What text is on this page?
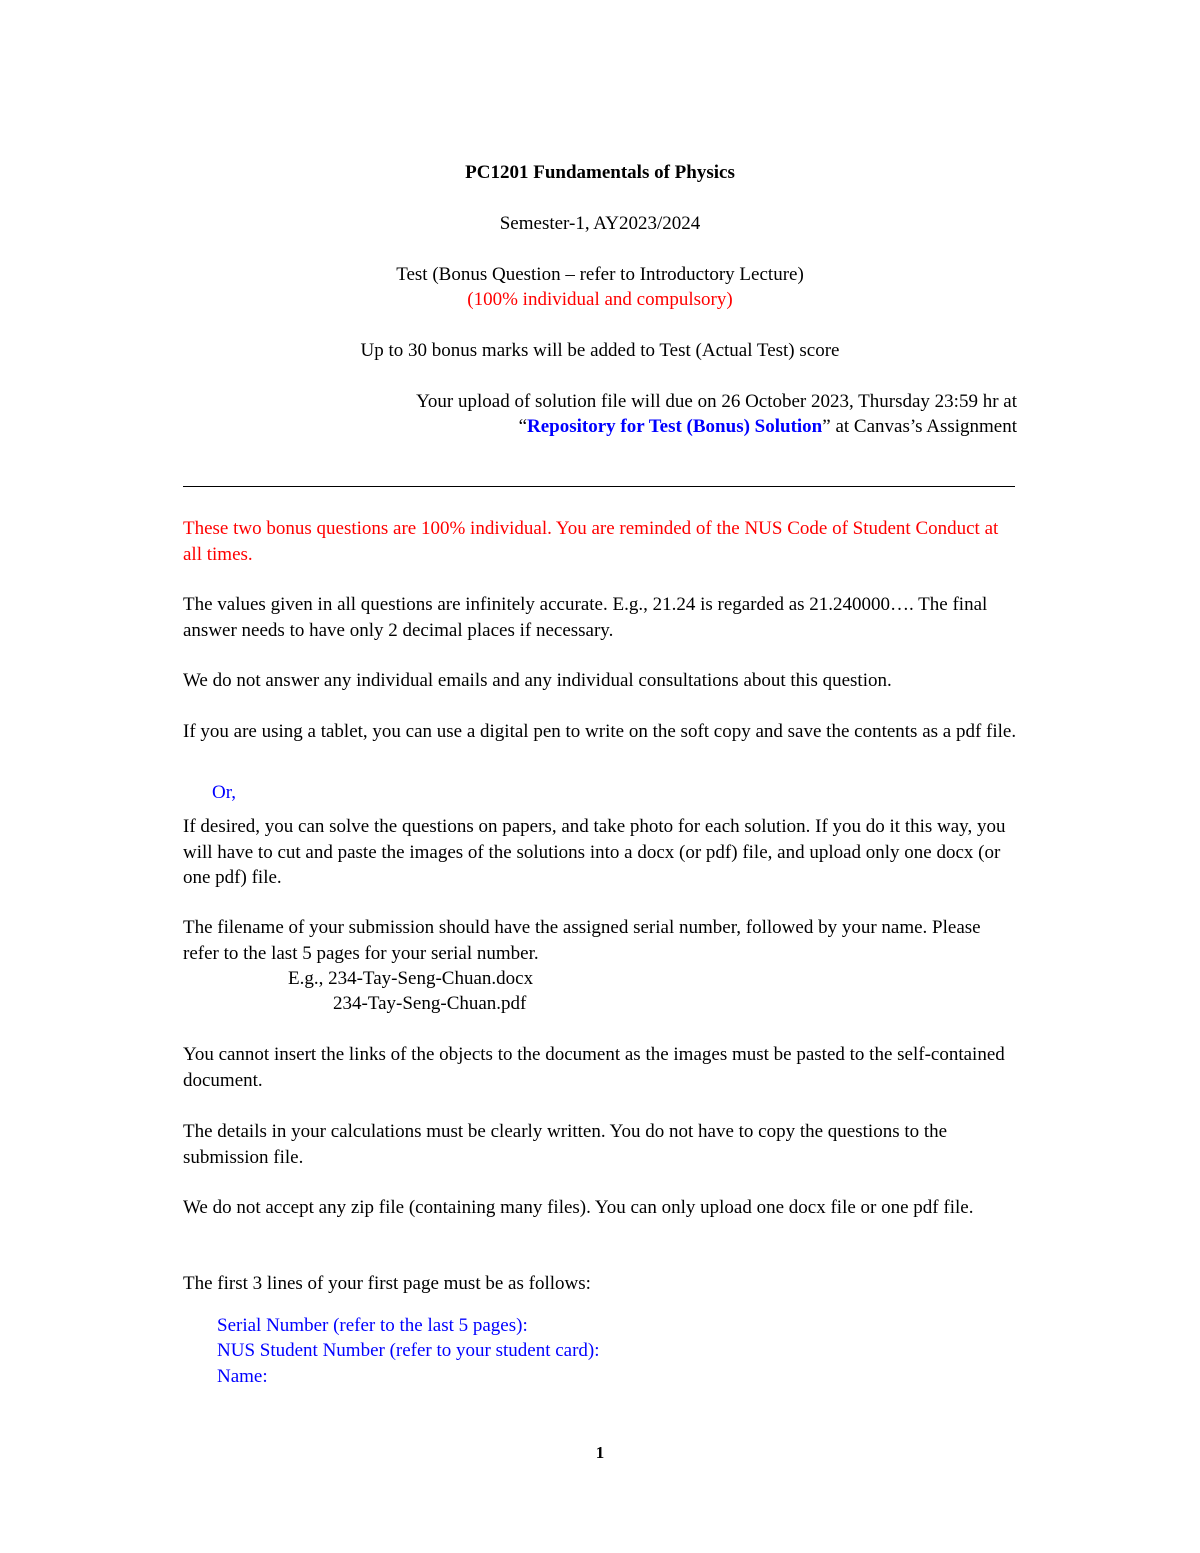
PC1201 Fundamentals of Physics
Semester-1, AY2023/2024
Test (Bonus Question – refer to Introductory Lecture)
(100% individual and compulsory)
Up to 30 bonus marks will be added to Test (Actual Test) score
Your upload of solution file will due on 26 October 2023, Thursday 23:59 hr at
“Repository for Test (Bonus) Solution” at Canvas’s Assignment

These two bonus questions are 100% individual. You are reminded of the NUS Code of Student Conduct at all times.

The values given in all questions are infinitely accurate. E.g., 21.24 is regarded as 21.240000…. The final answer needs to have only 2 decimal places if necessary.

We do not answer any individual emails and any individual consultations about this question.

If you are using a tablet, you can use a digital pen to write on the soft copy and save the contents as a pdf file.

Or,

If desired, you can solve the questions on papers, and take photo for each solution. If you do it this way, you will have to cut and paste the images of the solutions into a docx (or pdf) file, and upload only one docx (or one pdf) file.

The filename of your submission should have the assigned serial number, followed by your name. Please refer to the last 5 pages for your serial number.

E.g., 234-Tay-Seng-Chuan.docx
234-Tay-Seng-Chuan.pdf

You cannot insert the links of the objects to the document as the images must be pasted to the self-contained document.

The details in your calculations must be clearly written. You do not have to copy the questions to the submission file.

We do not accept any zip file (containing many files). You can only upload one docx file or one pdf file.

The first 3 lines of your first page must be as follows:

Serial Number (refer to the last 5 pages):
NUS Student Number (refer to your student card):
Name:
1
